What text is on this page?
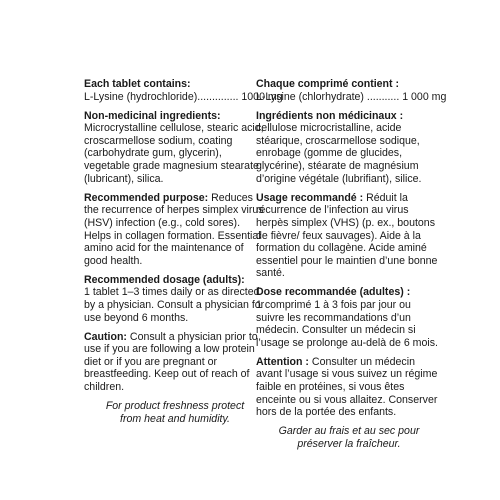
Each tablet contains:
L-Lysine (hydrochloride).............. 1000 mg
Non-medicinal ingredients:
Microcrystalline cellulose, stearic acid, croscarmellose sodium, coating (carbohydrate gum, glycerin), vegetable grade magnesium stearate (lubricant), silica.
Recommended purpose: Reduces the recurrence of herpes simplex virus (HSV) infection (e.g., cold sores). Helps in collagen formation. Essential amino acid for the maintenance of good health.
Recommended dosage (adults):
1 tablet 1–3 times daily or as directed by a physician. Consult a physician for use beyond 6 months.
Caution: Consult a physician prior to use if you are following a low protein diet or if you are pregnant or breastfeeding. Keep out of reach of children.
For product freshness protect from heat and humidity.
Chaque comprimé contient :
L-Lysine (chlorhydrate) ........... 1 000 mg
Ingrédients non médicinaux : cellulose microcristalline, acide stéarique, croscarmellose sodique, enrobage (gomme de glucides, glycérine), stéarate de magnésium d’origine végétale (lubrifiant), silice.
Usage recommandé : Réduit la récurrence de l’infection au virus herpès simplex (VHS) (p. ex., boutons de fièvre/ feux sauvages). Aide à la formation du collagène. Acide aminé essentiel pour le maintien d’une bonne santé.
Dose recommandée (adultes) :
1 comprimé 1 à 3 fois par jour ou suivre les recommandations d’un médecin. Consulter un médecin si l’usage se prolonge au-delà de 6 mois.
Attention : Consulter un médecin avant l’usage si vous suivez un régime faible en protéines, si vous êtes enceinte ou si vous allaitez. Conserver hors de la portée des enfants.
Garder au frais et au sec pour préserver la fraîcheur.
